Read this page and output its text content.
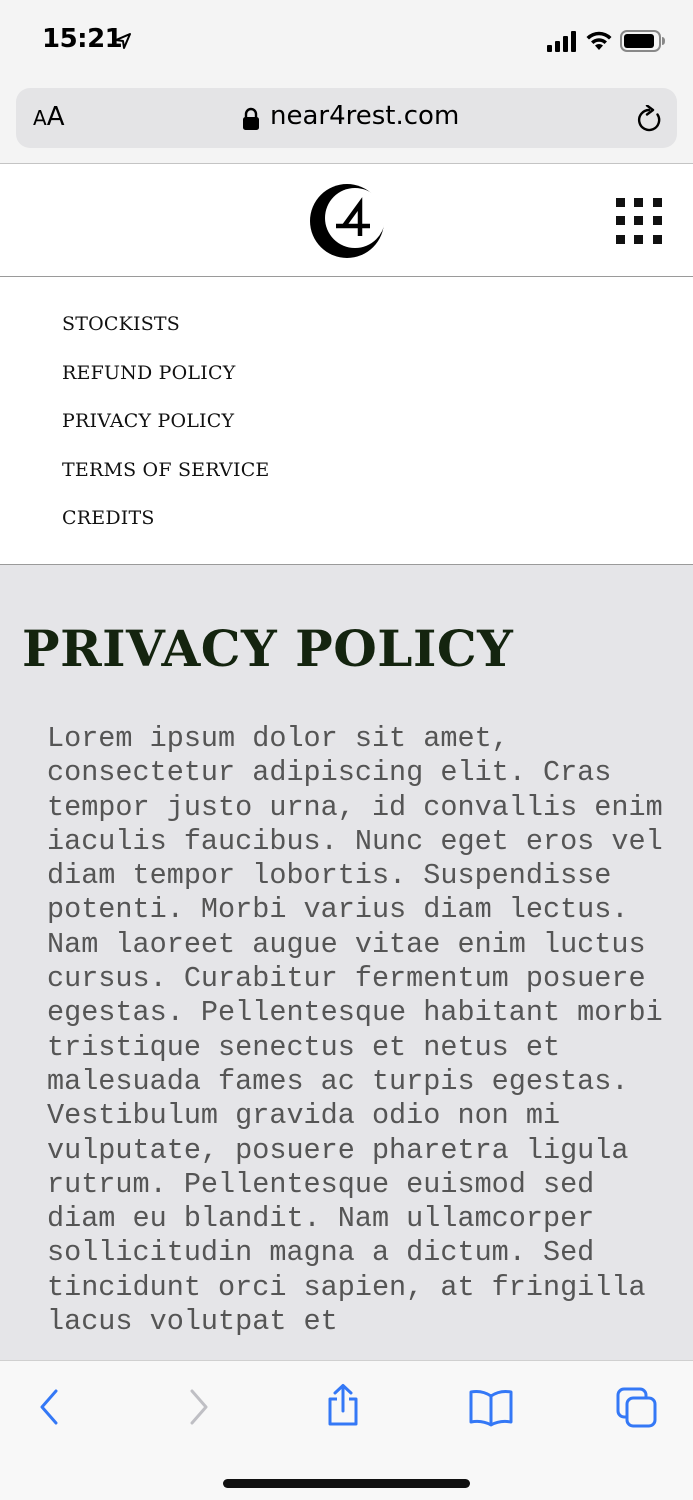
15:21
AA	near4rest.com
STOCKISTS
REFUND POLICY
PRIVACY POLICY
TERMS OF SERVICE
CREDITS
PRIVACY POLICY

Lorem ipsum dolor sit amet, consectetur adipiscing elit. Cras tempor justo urna, id convallis enim iaculis faucibus. Nunc eget eros vel diam tempor lobortis. Suspendisse potenti. Morbi varius diam lectus. Nam laoreet augue vitae enim luctus cursus. Curabitur fermentum posuere egestas. Pellentesque habitant morbi tristique senectus et netus et malesuada fames ac turpis egestas. Vestibulum gravida odio non mi vulputate, posuere pharetra ligula rutrum. Pellentesque euismod sed diam eu blandit. Nam ullamcorper sollicitudin magna a dictum. Sed tincidunt orci sapien, at fringilla lacus volutpat et
